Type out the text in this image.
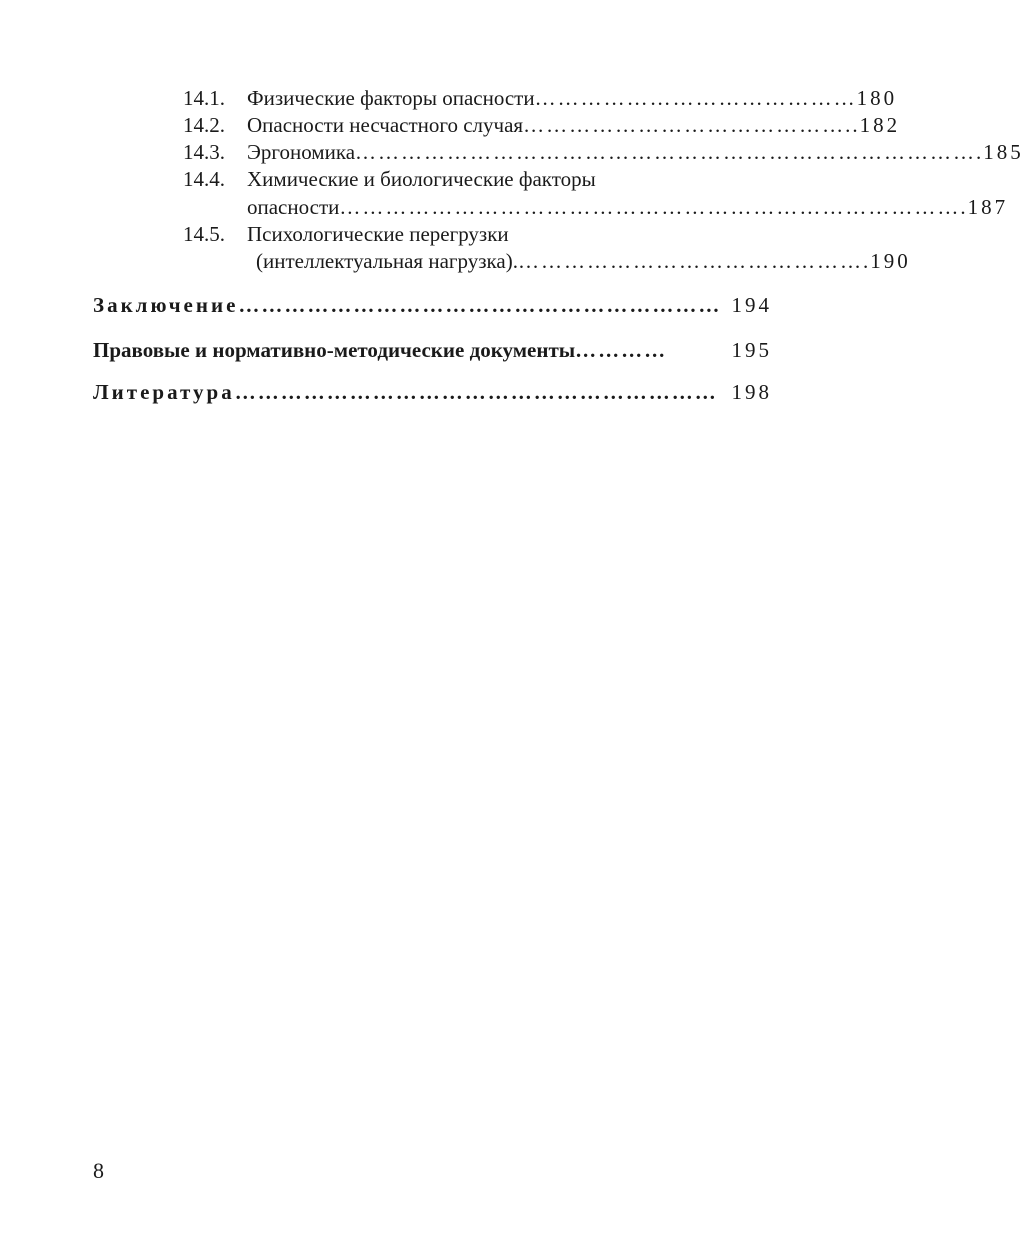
14.1. Физические факторы опасности …………………………………… 180
14.2. Опасности несчастного случая …………………………………….. 182
14.3. Эргономика ………………………………………………………………………. 185
14.4. Химические и биологические факторы
опасности ………………………………………………………………………. 187
14.5. Психологические перегрузки
(интеллектуальная нагрузка). ………………………………………. 190
Заключение ……………………………………………………… 194
Правовые и нормативно-методические документы …………	195
Литература ……………………………………………………… 198
8
